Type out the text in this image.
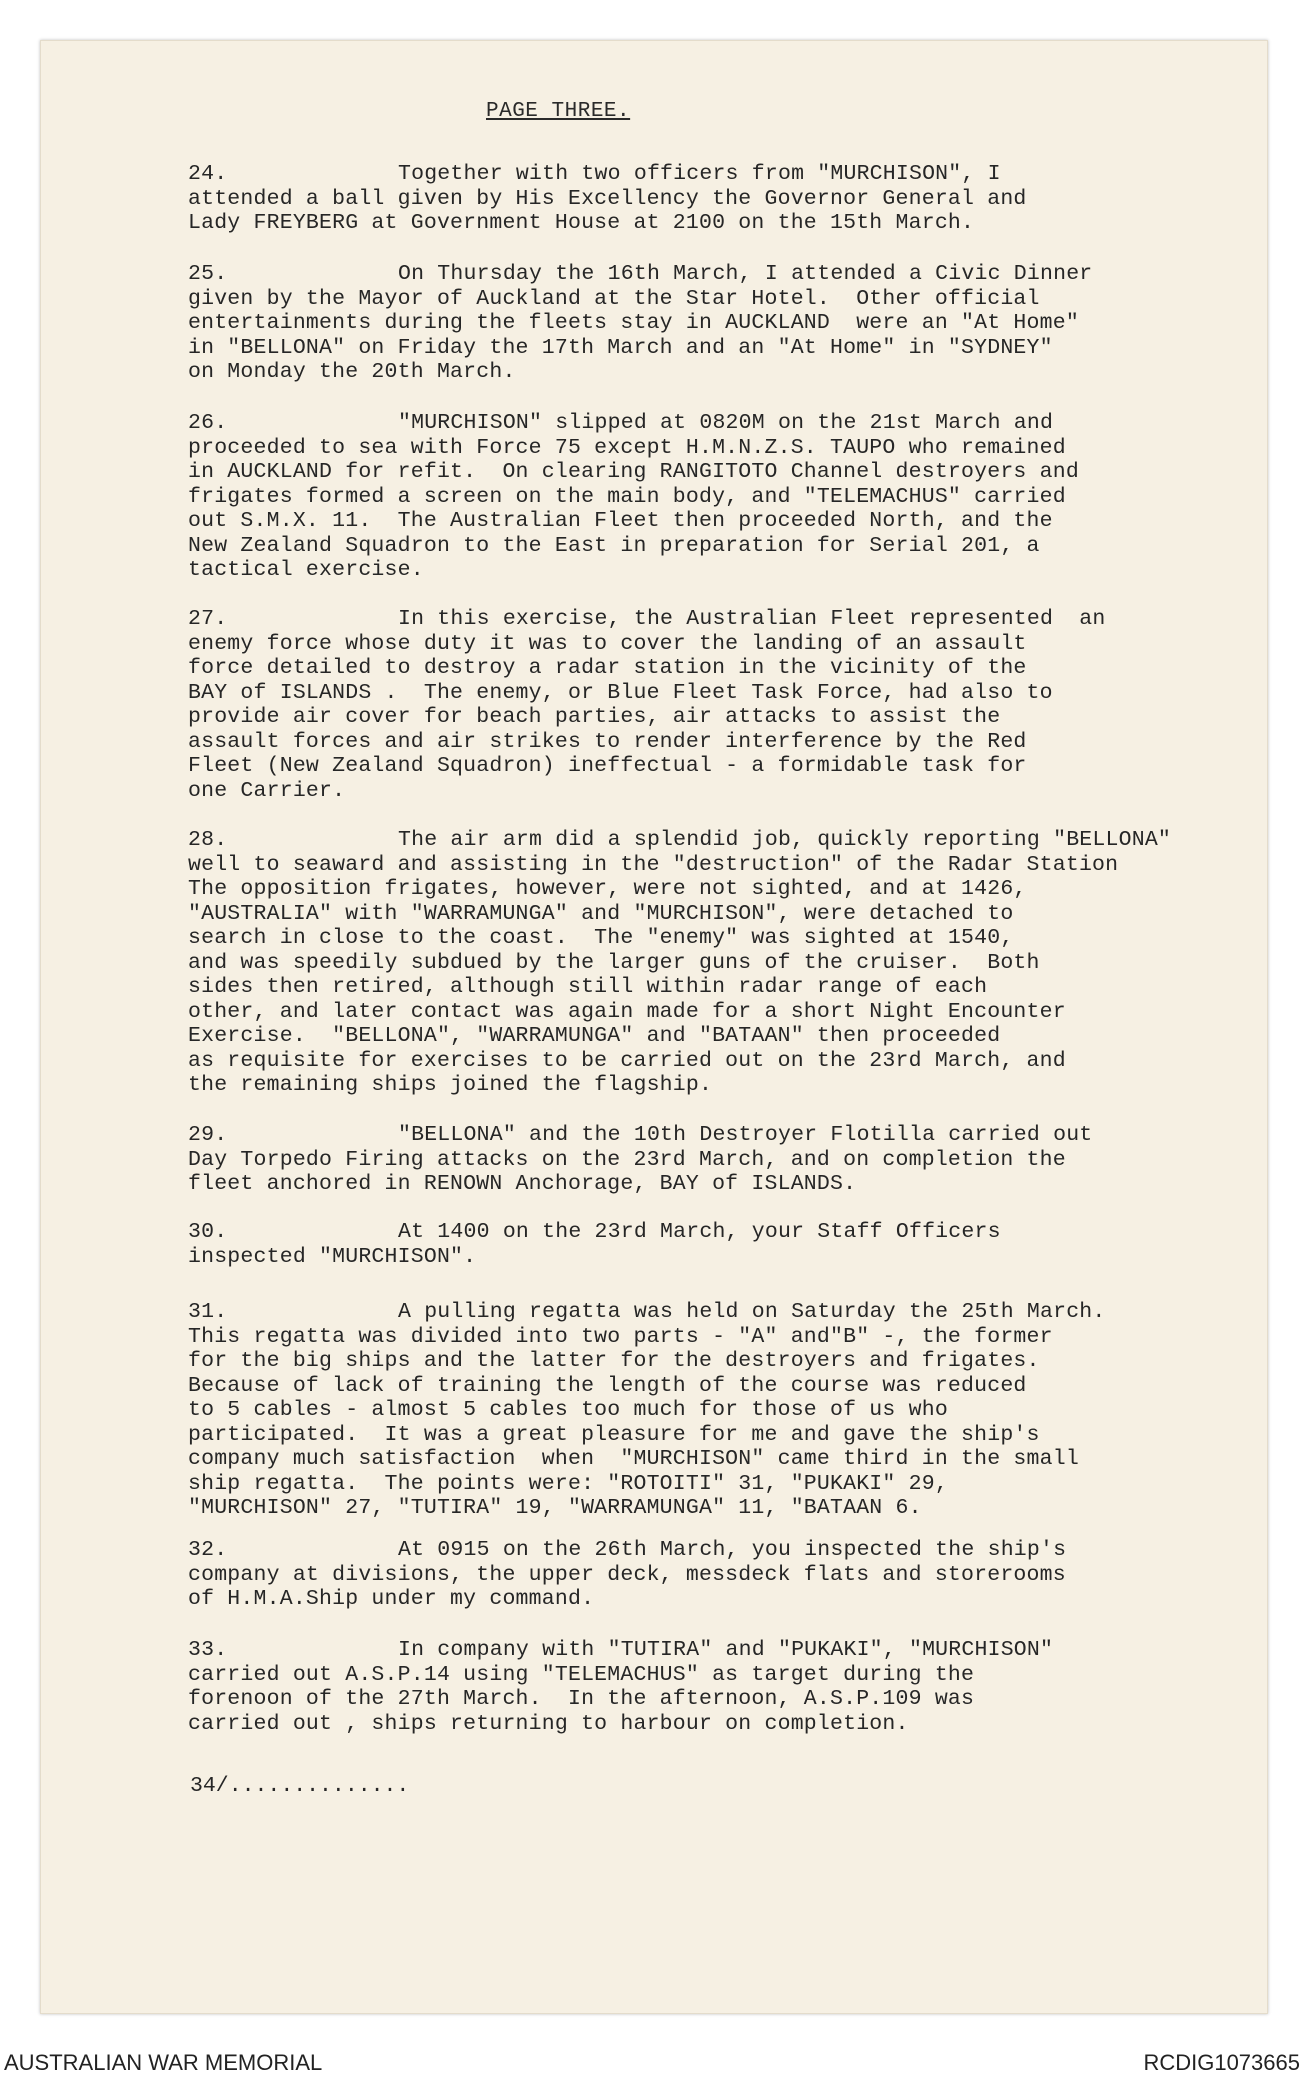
PAGE THREE.
24.	Together with two officers from "MURCHISON", I
attended a ball given by His Excellency the Governor General and
Lady FREYBERG at Government House at 2100 on the 15th March.
25.	On Thursday the 16th March, I attended a Civic Dinner
given by the Mayor of Auckland at the Star Hotel.  Other official
entertainments during the fleets stay in AUCKLAND  were an "At Home"
in "BELLONA" on Friday the 17th March and an "At Home" in "SYDNEY"
on Monday the 20th March.
26.	"MURCHISON" slipped at 0820M on the 21st March and
proceeded to sea with Force 75 except H.M.N.Z.S. TAUPO who remained
in AUCKLAND for refit.  On clearing RANGITOTO Channel destroyers and
frigates formed a screen on the main body, and "TELEMACHUS" carried
out S.M.X. 11.  The Australian Fleet then proceeded North, and the
New Zealand Squadron to the East in preparation for Serial 201, a
tactical exercise.
27.	In this exercise, the Australian Fleet represented  an
enemy force whose duty it was to cover the landing of an assault
force detailed to destroy a radar station in the vicinity of the
BAY of ISLANDS .  The enemy, or Blue Fleet Task Force, had also to
provide air cover for beach parties, air attacks to assist the
assault forces and air strikes to render interference by the Red
Fleet (New Zealand Squadron) ineffectual - a formidable task for
one Carrier.
28.	The air arm did a splendid job, quickly reporting "BELLONA"
well to seaward and assisting in the "destruction" of the Radar Station
The opposition frigates, however, were not sighted, and at 1426,
"AUSTRALIA" with "WARRAMUNGA" and "MURCHISON", were detached to
search in close to the coast.  The "enemy" was sighted at 1540,
and was speedily subdued by the larger guns of the cruiser.  Both
sides then retired, although still within radar range of each
other, and later contact was again made for a short Night Encounter
Exercise.  "BELLONA", "WARRAMUNGA" and "BATAAN" then proceeded
as requisite for exercises to be carried out on the 23rd March, and
the remaining ships joined the flagship.
29.	"BELLONA" and the 10th Destroyer Flotilla carried out
Day Torpedo Firing attacks on the 23rd March, and on completion the
fleet anchored in RENOWN Anchorage, BAY of ISLANDS.
30.	At 1400 on the 23rd March, your Staff Officers
inspected "MURCHISON".
31.	A pulling regatta was held on Saturday the 25th March.
This regatta was divided into two parts - "A" and"B" -, the former
for the big ships and the latter for the destroyers and frigates.
Because of lack of training the length of the course was reduced
to 5 cables - almost 5 cables too much for those of us who
participated.  It was a great pleasure for me and gave the ship's
company much satisfaction  when  "MURCHISON" came third in the small
ship regatta.  The points were: "ROTOITI" 31, "PUKAKI" 29,
"MURCHISON" 27, "TUTIRA" 19, "WARRAMUNGA" 11, "BATAAN 6.
32.	At 0915 on the 26th March, you inspected the ship's
company at divisions, the upper deck, messdeck flats and storerooms
of H.M.A.Ship under my command.
33.	In company with "TUTIRA" and "PUKAKI", "MURCHISON"
carried out A.S.P.14 using "TELEMACHUS" as target during the
forenoon of the 27th March.  In the afternoon, A.S.P.109 was
carried out , ships returning to harbour on completion.
34/..............
AUSTRALIAN WAR MEMORIAL	RCDIG1073665
